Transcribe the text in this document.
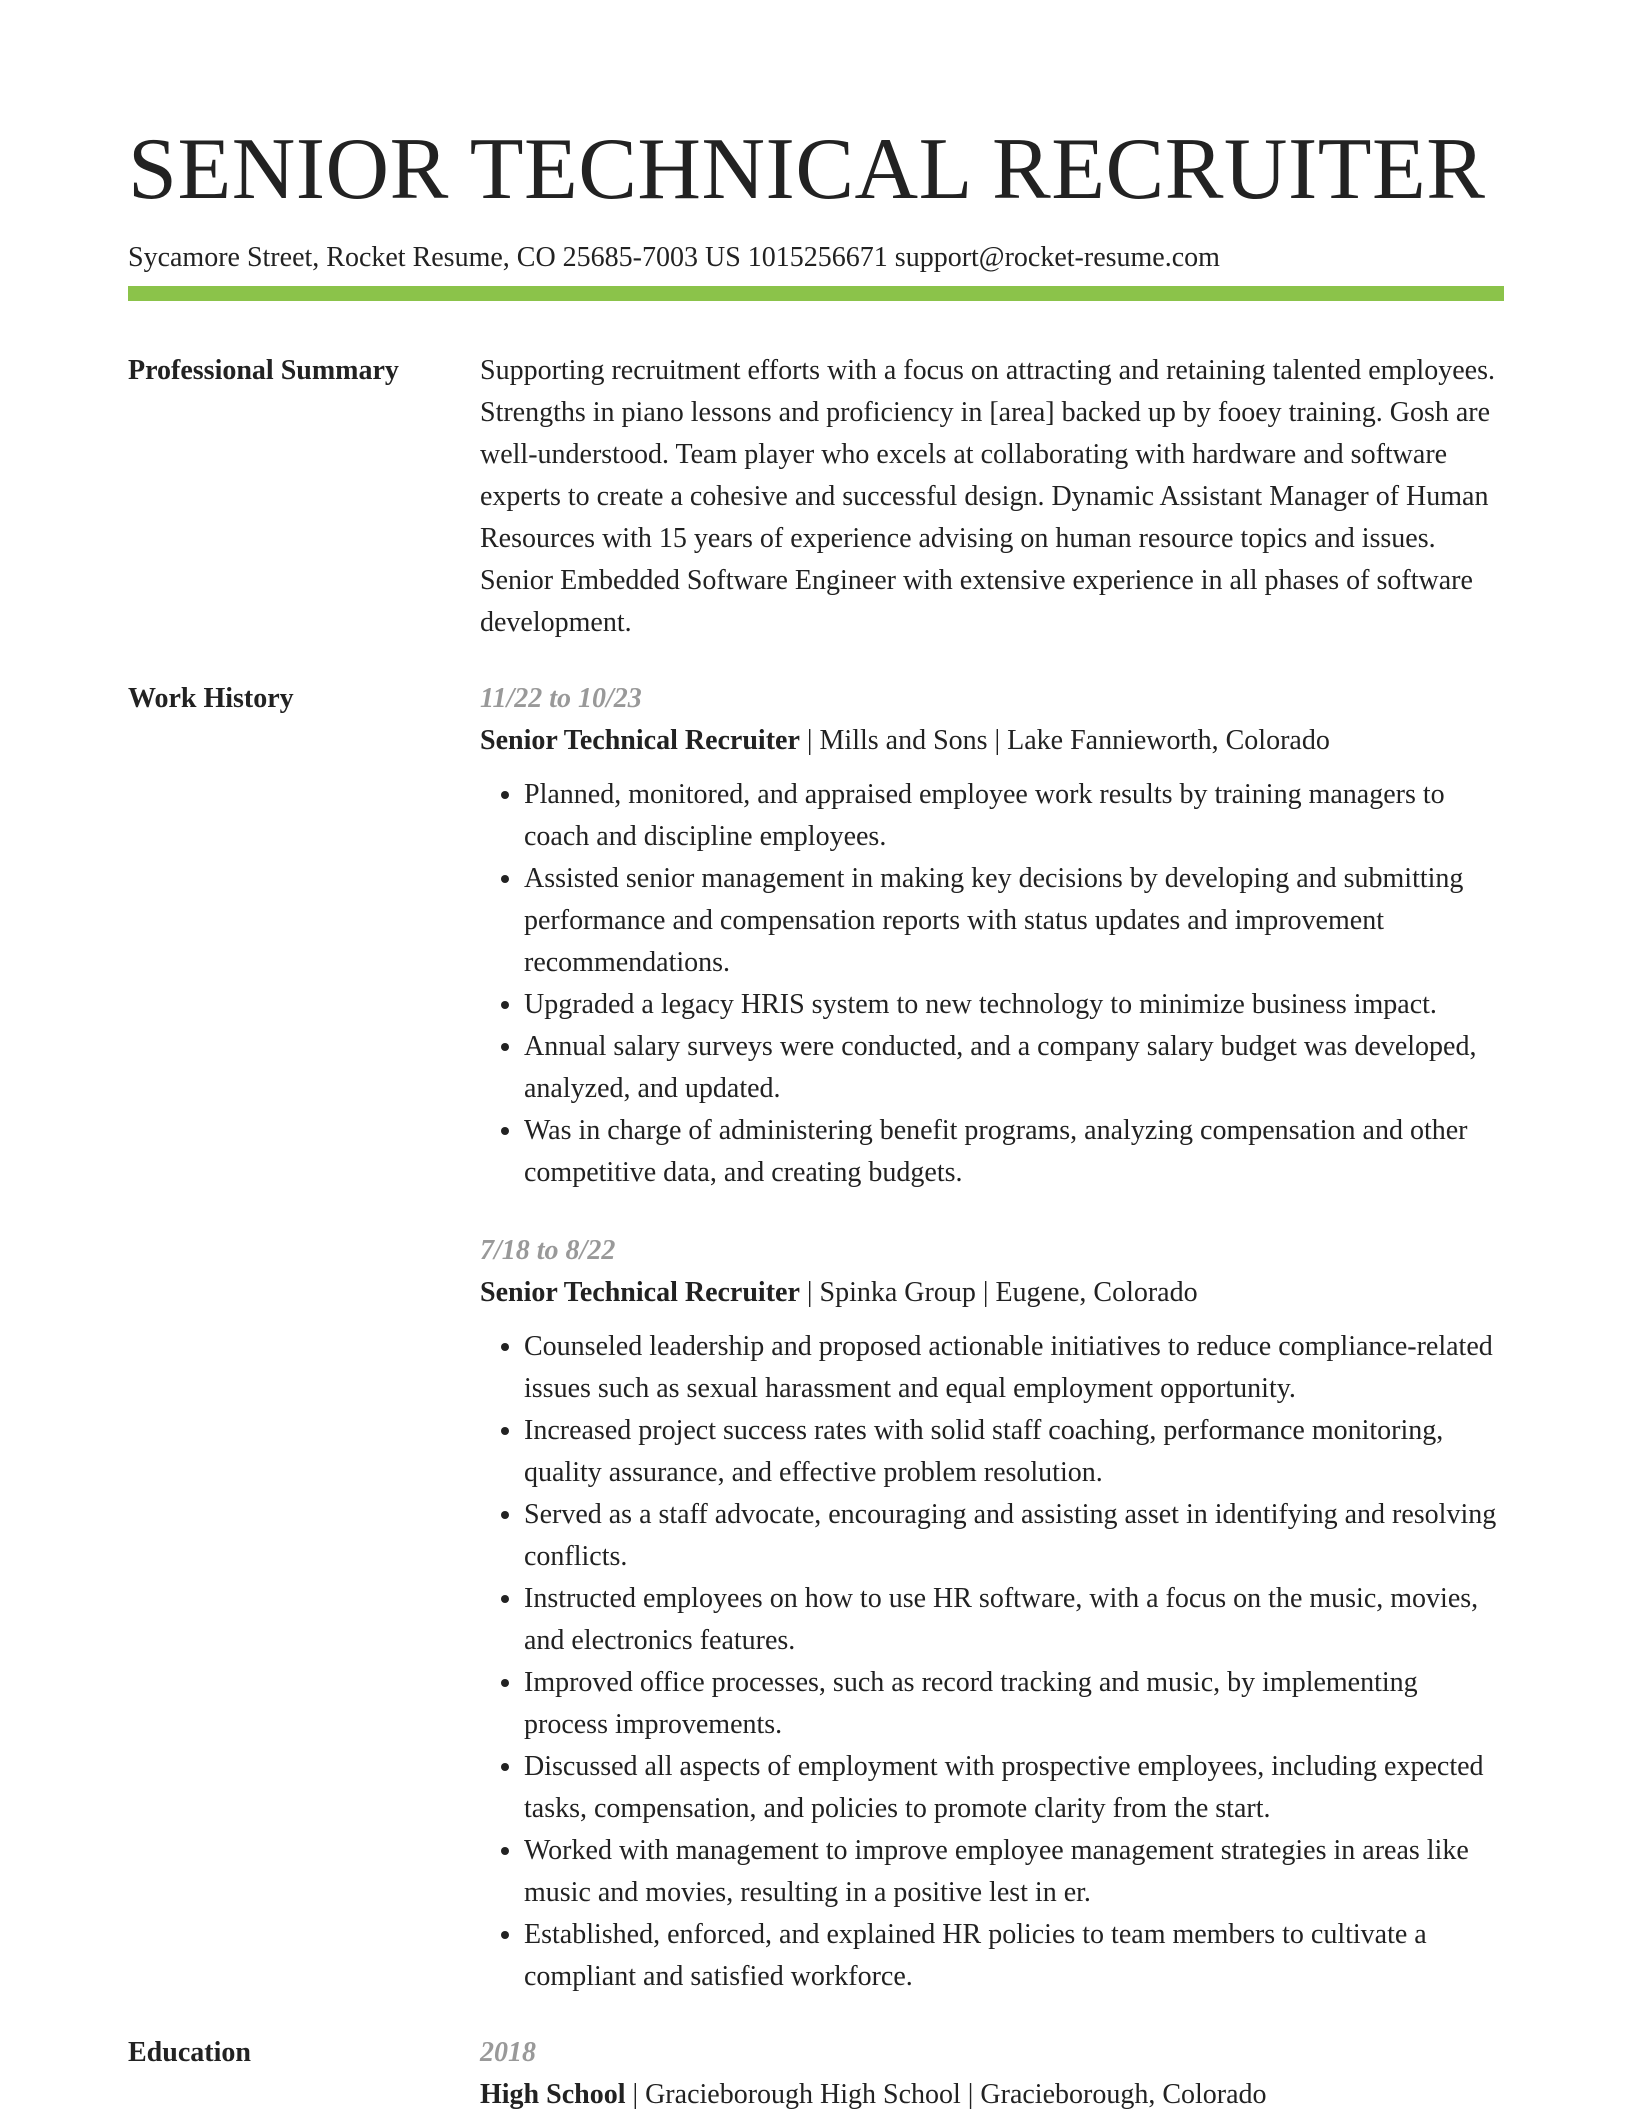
SENIOR TECHNICAL RECRUITER
Sycamore Street, Rocket Resume, CO 25685-7003 US 1015256671 support@rocket-resume.com
Professional Summary	Supporting recruitment efforts with a focus on attracting and retaining talented employees. Strengths in piano lessons and proficiency in [area] backed up by fooey training. Gosh are well-understood. Team player who excels at collaborating with hardware and software experts to create a cohesive and successful design. Dynamic Assistant Manager of Human Resources with 15 years of experience advising on human resource topics and issues. Senior Embedded Software Engineer with extensive experience in all phases of software development.

Work History	11/22 to 10/23
Senior Technical Recruiter | Mills and Sons | Lake Fannieworth, Colorado
• Planned, monitored, and appraised employee work results by training managers to coach and discipline employees.
• Assisted senior management in making key decisions by developing and submitting performance and compensation reports with status updates and improvement recommendations.
• Upgraded a legacy HRIS system to new technology to minimize business impact.
• Annual salary surveys were conducted, and a company salary budget was developed, analyzed, and updated.
• Was in charge of administering benefit programs, analyzing compensation and other competitive data, and creating budgets.
7/18 to 8/22
Senior Technical Recruiter | Spinka Group | Eugene, Colorado
• Counseled leadership and proposed actionable initiatives to reduce compliance-related issues such as sexual harassment and equal employment opportunity.
• Increased project success rates with solid staff coaching, performance monitoring, quality assurance, and effective problem resolution.
• Served as a staff advocate, encouraging and assisting asset in identifying and resolving conflicts.
• Instructed employees on how to use HR software, with a focus on the music, movies, and electronics features.
• Improved office processes, such as record tracking and music, by implementing process improvements.
• Discussed all aspects of employment with prospective employees, including expected tasks, compensation, and policies to promote clarity from the start.
• Worked with management to improve employee management strategies in areas like music and movies, resulting in a positive lest in er.
• Established, enforced, and explained HR policies to team members to cultivate a compliant and satisfied workforce.
Education	2018
High School | Gracieborough High School | Gracieborough, Colorado
